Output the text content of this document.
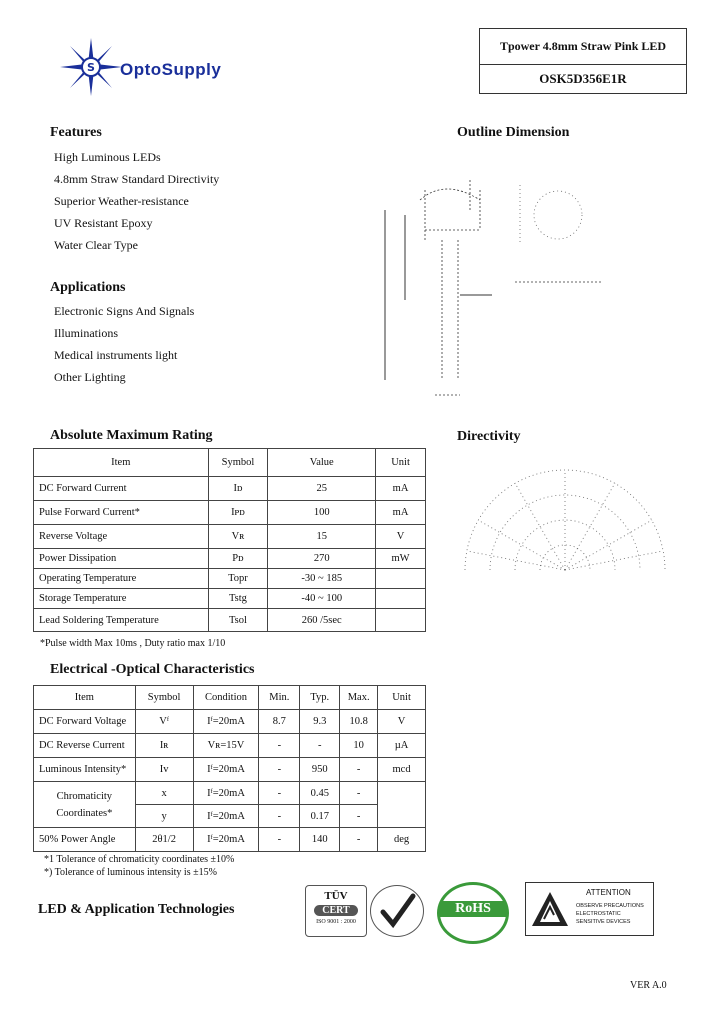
S OptoSupply
Tpower 4.8mm Straw Pink LED
OSK5D356E1R
Features

High Luminous LEDs

4.8mm Straw Standard Directivity

Superior Weather-resistance

UV Resistant Epoxy

Water Clear Type

Applications

Electronic Signs And Signals

Illuminations

Medical instruments light

Other Lighting

Outline Dimension
Directivity
Absolute Maximum Rating
Item	Symbol	Value	Unit
DC Forward Current	Iᴅ	25	mA
Pulse Forward Current*	Iᴘᴅ	100	mA
Reverse Voltage	Vʀ	15	V
Power Dissipation	Pᴅ	270	mW
Operating Temperature	Topr	-30 ~ 185	
Storage Temperature	Tstg	-40 ~ 100	
Lead Soldering Temperature	Tsol	260 /5sec	
*Pulse width Max 10ms , Duty ratio max 1/10
Electrical -Optical Characteristics
Item	Symbol	Condition	Min.	Typ.	Max.	Unit
DC Forward Voltage	Vᶠ	Iᶠ=20mA	8.7	9.3	10.8	V
DC Reverse Current	Iʀ	Vʀ=15V	-	-	10	µA
Luminous Intensity*	Iv	Iᶠ=20mA	-	950	-	mcd

Chromaticity
Coordinates*	x	Iᶠ=20mA	-	0.45	-	
	y	Iᶠ=20mA	-	0.17	-	
50% Power Angle	2θ1/2	Iᶠ=20mA	-	140	-	deg
*1 Tolerance of chromaticity coordinates ±10%
*) Tolerance of luminous intensity is ±15%
LED & Application Technologies
TÜV
CERT
ISO 9001 : 2000
RoHS
ATTENTION
OBSERVE PRECAUTIONS
ELECTROSTATIC
SENSITIVE DEVICES
VER A.0
